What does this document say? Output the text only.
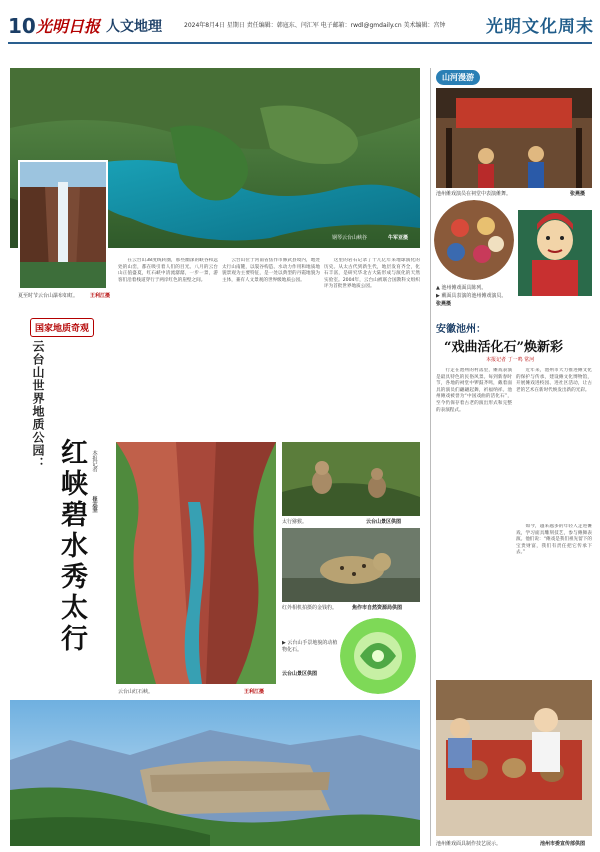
10 光明日报 人文地理	2024年8月4日 星期日 责任编辑：韩寇东、闫汇军 电子邮箱：rwdl@gmdaily.cn 美术编辑：宫钟	光明文化周末
钢琴云台山峡谷	牛军亚摄
夏至时节云台山瀑布如虹。 王利江摄
国家地质奇观
云台山世界地质公园：
红峡碧水秀太行 本报记者
崔志坚
　　在云台山38度线转圈，那些幽深的峡谷和远处的山峦，都在吸引着人们的目光。八月的云台山正值盛夏，红石峡中清流潺潺，一步一景，游客们沿着栈道穿行于两岸红色的崖壁之间。
　　云台山位于河南省焦作市修武县境内，地处太行山南麓，以裂谷构造、水动力作用和地质地貌景观为主要特征，是一处以典型的丹霞地貌为主体，兼有人文景观的世界级地质公园。
　　这里的岩石记录了十几亿年来地球演化的历史。从太古代到新生代，地层发育齐全，化石丰富，是研究华北古大陆形成与演化的天然实验室。2004年，云台山被联合国教科文组织评为首批世界地质公园。
云台山红石峡。	王利江摄
太行猕猴。	云台山景区供图
红外相机拍摄的金钱豹。	焦作市自然资源局供图
▶ 云台山手景地貌的动植物化石。
云台山景区供图
山河漫游
池州傩戏演员在祠堂中表演傩舞。	张燕摄
▲ 池州傩戏面具陈列。
▶ 戴面具表演的池州傩戏演员。
张燕摄
安徽池州：
“戏曲活化石”焕新彩
本报记者 丁一鸣 常河
　　行走在池州的村落里，傩戏表演是最具特色的民俗风景。每到新春时节，各地的祠堂中锣鼓齐鸣，戴着面具的演员们翩翩起舞，祈福纳祥。池州傩戏被誉为“中国戏曲的活化石”，至今仍保存着古老的演出形式和完整的表演程式。
　　近年来，池州市大力推进傩文化的保护与传承，建设傩文化博物馆，开展傩戏进校园、进社区活动，让古老的艺术在新时代焕发出新的光彩。
　　如今，越来越多的年轻人走进傩戏，学习面具雕刻技艺，参与傩舞表演。他们说：“傩戏是我们祖先留下的宝贵财富，我们有责任把它传承下去。”
池州傩戏面具制作技艺展示。	池州市委宣传部供图
